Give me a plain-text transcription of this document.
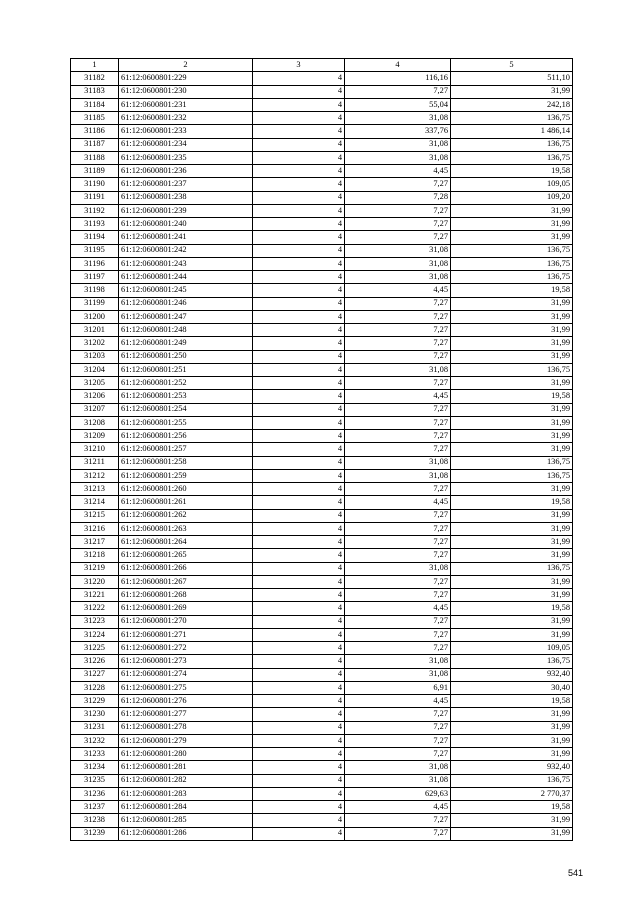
1	2	3	4	5
31182	61:12:0600801:229	4	116,16	511,10
31183	61:12:0600801:230	4	7,27	31,99
31184	61:12:0600801:231	4	55,04	242,18
31185	61:12:0600801:232	4	31,08	136,75
31186	61:12:0600801:233	4	337,76	1 486,14
31187	61:12:0600801:234	4	31,08	136,75
31188	61:12:0600801:235	4	31,08	136,75
31189	61:12:0600801:236	4	4,45	19,58
31190	61:12:0600801:237	4	7,27	109,05
31191	61:12:0600801:238	4	7,28	109,20
31192	61:12:0600801:239	4	7,27	31,99
31193	61:12:0600801:240	4	7,27	31,99
31194	61:12:0600801:241	4	7,27	31,99
31195	61:12:0600801:242	4	31,08	136,75
31196	61:12:0600801:243	4	31,08	136,75
31197	61:12:0600801:244	4	31,08	136,75
31198	61:12:0600801:245	4	4,45	19,58
31199	61:12:0600801:246	4	7,27	31,99
31200	61:12:0600801:247	4	7,27	31,99
31201	61:12:0600801:248	4	7,27	31,99
31202	61:12:0600801:249	4	7,27	31,99
31203	61:12:0600801:250	4	7,27	31,99
31204	61:12:0600801:251	4	31,08	136,75
31205	61:12:0600801:252	4	7,27	31,99
31206	61:12:0600801:253	4	4,45	19,58
31207	61:12:0600801:254	4	7,27	31,99
31208	61:12:0600801:255	4	7,27	31,99
31209	61:12:0600801:256	4	7,27	31,99
31210	61:12:0600801:257	4	7,27	31,99
31211	61:12:0600801:258	4	31,08	136,75
31212	61:12:0600801:259	4	31,08	136,75
31213	61:12:0600801:260	4	7,27	31,99
31214	61:12:0600801:261	4	4,45	19,58
31215	61:12:0600801:262	4	7,27	31,99
31216	61:12:0600801:263	4	7,27	31,99
31217	61:12:0600801:264	4	7,27	31,99
31218	61:12:0600801:265	4	7,27	31,99
31219	61:12:0600801:266	4	31,08	136,75
31220	61:12:0600801:267	4	7,27	31,99
31221	61:12:0600801:268	4	7,27	31,99
31222	61:12:0600801:269	4	4,45	19,58
31223	61:12:0600801:270	4	7,27	31,99
31224	61:12:0600801:271	4	7,27	31,99
31225	61:12:0600801:272	4	7,27	109,05
31226	61:12:0600801:273	4	31,08	136,75
31227	61:12:0600801:274	4	31,08	932,40
31228	61:12:0600801:275	4	6,91	30,40
31229	61:12:0600801:276	4	4,45	19,58
31230	61:12:0600801:277	4	7,27	31,99
31231	61:12:0600801:278	4	7,27	31,99
31232	61:12:0600801:279	4	7,27	31,99
31233	61:12:0600801:280	4	7,27	31,99
31234	61:12:0600801:281	4	31,08	932,40
31235	61:12:0600801:282	4	31,08	136,75
31236	61:12:0600801:283	4	629,63	2 770,37
31237	61:12:0600801:284	4	4,45	19,58
31238	61:12:0600801:285	4	7,27	31,99
31239	61:12:0600801:286	4	7,27	31,99
541
